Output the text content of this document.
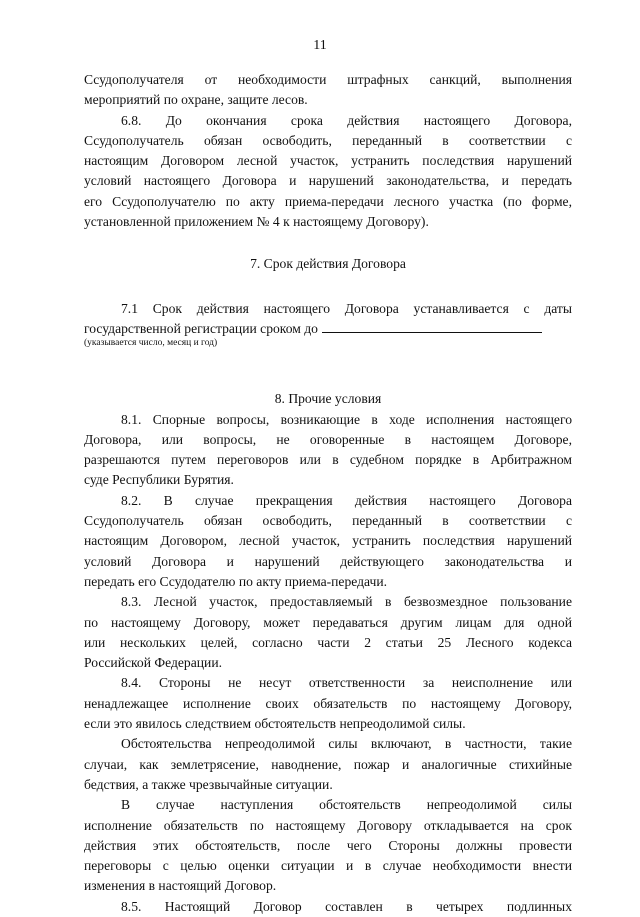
11
Ссудополучателя от необходимости штрафных санкций, выполнения
мероприятий по охране, защите лесов.
6.8. До окончания срока действия настоящего Договора,
Ссудополучатель обязан освободить, переданный в соответствии с
настоящим Договором лесной участок, устранить последствия нарушений
условий настоящего Договора и нарушений законодательства, и передать
его Ссудополучателю по акту приема-передачи лесного участка (по форме,
установленной приложением № 4 к настоящему Договору).
7. Срок действия Договора
7.1 Срок действия настоящего Договора устанавливается с даты
государственной регистрации сроком до
(указывается число, месяц и год)
8. Прочие условия
8.1. Спорные вопросы, возникающие в ходе исполнения настоящего
Договора, или вопросы, не оговоренные в настоящем Договоре,
разрешаются путем переговоров или в судебном порядке в Арбитражном
суде Республики Бурятия.
8.2. В случае прекращения действия настоящего Договора
Ссудополучатель обязан освободить, переданный в соответствии с
настоящим Договором, лесной участок, устранить последствия нарушений
условий Договора и нарушений действующего законодательства и
передать его Ссудодателю по акту приема-передачи.
8.3. Лесной участок, предоставляемый в безвозмездное пользование
по настоящему Договору, может передаваться другим лицам для одной
или нескольких целей, согласно части 2 статьи 25 Лесного кодекса
Российской Федерации.
8.4. Стороны не несут ответственности за неисполнение или
ненадлежащее исполнение своих обязательств по настоящему Договору,
если это явилось следствием обстоятельств непреодолимой силы.
Обстоятельства непреодолимой силы включают, в частности, такие
случаи, как землетрясение, наводнение, пожар и аналогичные стихийные
бедствия, а также чрезвычайные ситуации.
В случае наступления обстоятельств непреодолимой силы
исполнение обязательств по настоящему Договору откладывается на срок
действия этих обстоятельств, после чего Стороны должны провести
переговоры с целью оценки ситуации и в случае необходимости внести
изменения в настоящий Договор.
8.5. Настоящий Договор составлен в четырех подлинных
